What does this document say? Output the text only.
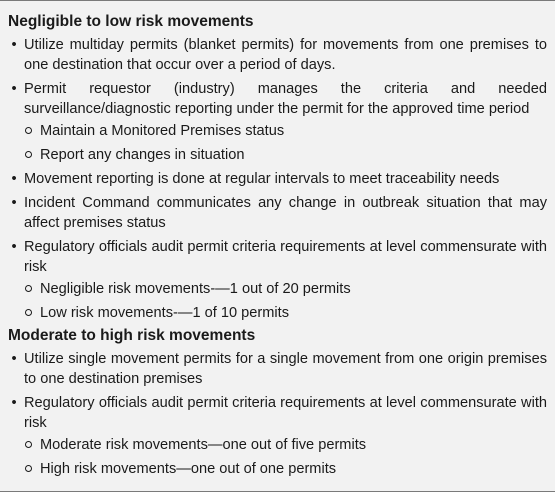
Negligible to low risk movements
• Utilize multiday permits (blanket permits) for movements from one premises to one destination that occur over a period of days.
• Permit requestor (industry) manages the criteria and needed surveillance/diagnostic reporting under the permit for the approved time period
Maintain a Monitored Premises status
Report any changes in situation
• Movement reporting is done at regular intervals to meet traceability needs
• Incident Command communicates any change in outbreak situation that may affect premises status
• Regulatory officials audit permit criteria requirements at level commensurate with risk
Negligible risk movements-—1 out of 20 permits
Low risk movements-—1 of 10 permits
Moderate to high risk movements
• Utilize single movement permits for a single movement from one origin premises to one destination premises
• Regulatory officials audit permit criteria requirements at level commensurate with risk
Moderate risk movements—one out of five permits
High risk movements—one out of one permits
